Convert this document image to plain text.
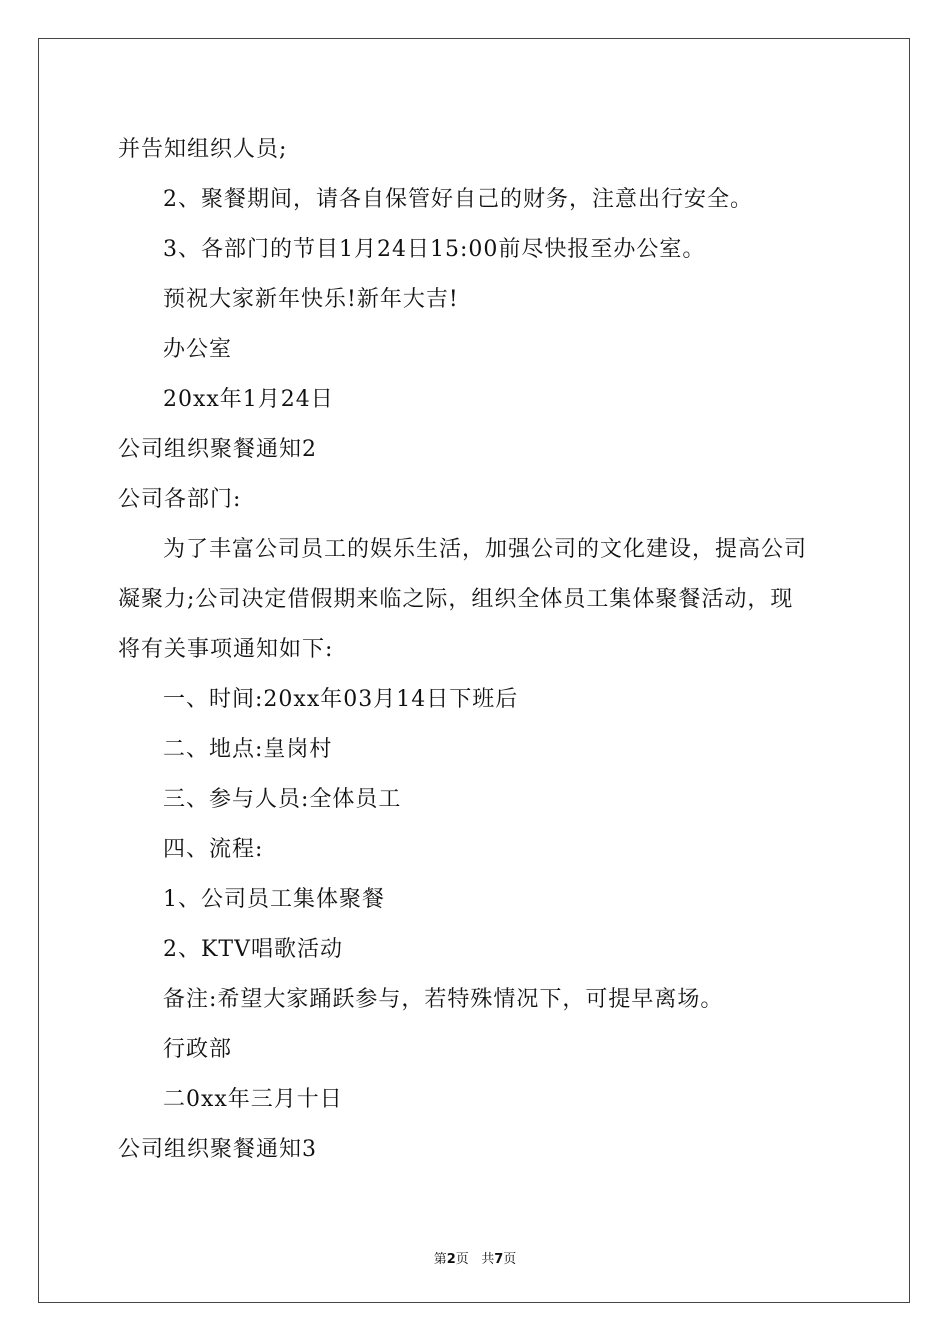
并告知组织人员;

2、聚餐期间，请各自保管好自己的财务，注意出行安全。

3、各部门的节目1月24日15:00前尽快报至办公室。

预祝大家新年快乐!新年大吉!

办公室

20xx年1月24日

公司组织聚餐通知2

公司各部门:

为了丰富公司员工的娱乐生活，加强公司的文化建设，提高公司

凝聚力;公司决定借假期来临之际，组织全体员工集体聚餐活动，现

将有关事项通知如下:

一、时间:20xx年03月14日下班后

二、地点:皇岗村

三、参与人员:全体员工

四、流程:

1、公司员工集体聚餐

2、KTV唱歌活动

备注:希望大家踊跃参与，若特殊情况下，可提早离场。

行政部

二0xx年三月十日

公司组织聚餐通知3

第2页   共7页
